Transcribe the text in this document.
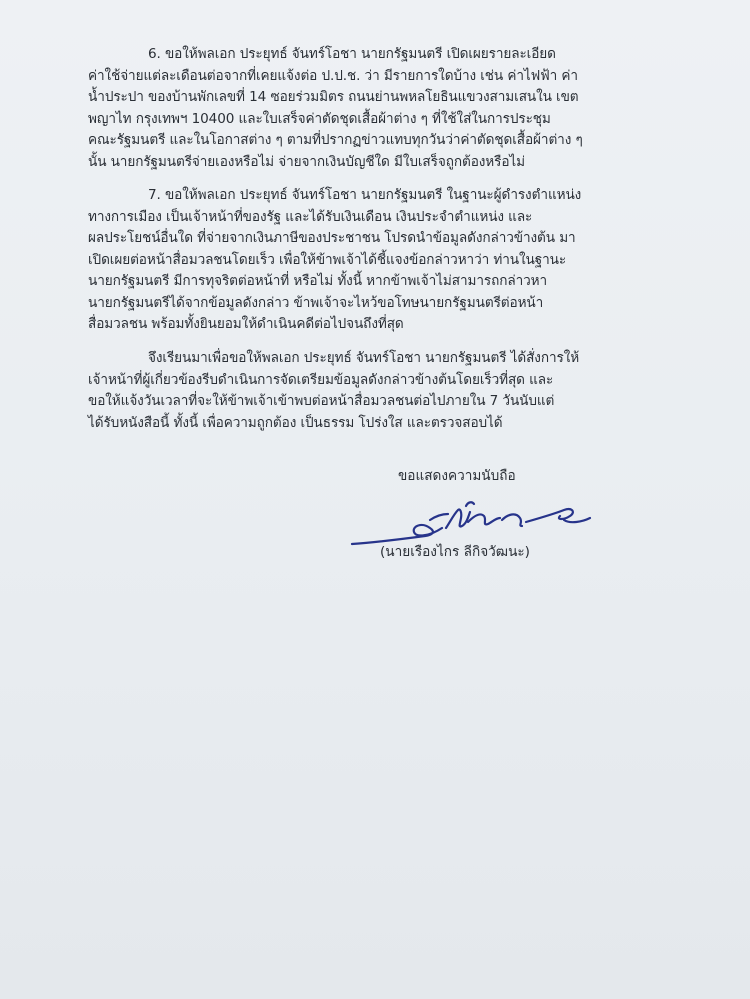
6. ขอให้พลเอก ประยุทธ์ จันทร์โอชา นายกรัฐมนตรี เปิดเผยรายละเอียด
ค่าใช้จ่ายแต่ละเดือนต่อจากที่เคยแจ้งต่อ ป.ป.ช. ว่า มีรายการใดบ้าง เช่น ค่าไฟฟ้า ค่า
น้ำประปา ของบ้านพักเลขที่ 14 ซอยร่วมมิตร ถนนย่านพหลโยธินแขวงสามเสนใน เขต
พญาไท กรุงเทพฯ 10400 และใบเสร็จค่าตัดชุดเสื้อผ้าต่าง ๆ ที่ใช้ใส่ในการประชุม
คณะรัฐมนตรี และในโอกาสต่าง ๆ ตามที่ปรากฏข่าวแทบทุกวันว่าค่าตัดชุดเสื้อผ้าต่าง ๆ
นั้น นายกรัฐมนตรีจ่ายเองหรือไม่ จ่ายจากเงินบัญชีใด มีใบเสร็จถูกต้องหรือไม่
7. ขอให้พลเอก ประยุทธ์ จันทร์โอชา นายกรัฐมนตรี ในฐานะผู้ดำรงตำแหน่ง
ทางการเมือง เป็นเจ้าหน้าที่ของรัฐ และได้รับเงินเดือน เงินประจำตำแหน่ง และ
ผลประโยชน์อื่นใด ที่จ่ายจากเงินภาษีของประชาชน โปรดนำข้อมูลดังกล่าวข้างต้น มา
เปิดเผยต่อหน้าสื่อมวลชนโดยเร็ว เพื่อให้ข้าพเจ้าได้ชี้แจงข้อกล่าวหาว่า ท่านในฐานะ
นายกรัฐมนตรี มีการทุจริตต่อหน้าที่ หรือไม่ ทั้งนี้ หากข้าพเจ้าไม่สามารถกล่าวหา
นายกรัฐมนตรีได้จากข้อมูลดังกล่าว ข้าพเจ้าจะไหว้ขอโทษนายกรัฐมนตรีต่อหน้า
สื่อมวลชน พร้อมทั้งยินยอมให้ดำเนินคดีต่อไปจนถึงที่สุด
จึงเรียนมาเพื่อขอให้พลเอก ประยุทธ์ จันทร์โอชา นายกรัฐมนตรี ได้สั่งการให้
เจ้าหน้าที่ผู้เกี่ยวข้องรีบดำเนินการจัดเตรียมข้อมูลดังกล่าวข้างต้นโดยเร็วที่สุด และ
ขอให้แจ้งวันเวลาที่จะให้ข้าพเจ้าเข้าพบต่อหน้าสื่อมวลชนต่อไปภายใน 7 วันนับแต่
ได้รับหนังสือนี้ ทั้งนี้ เพื่อความถูกต้อง เป็นธรรม โปร่งใส และตรวจสอบได้
ขอแสดงความนับถือ
(นายเรืองไกร ลีกิจวัฒนะ)
